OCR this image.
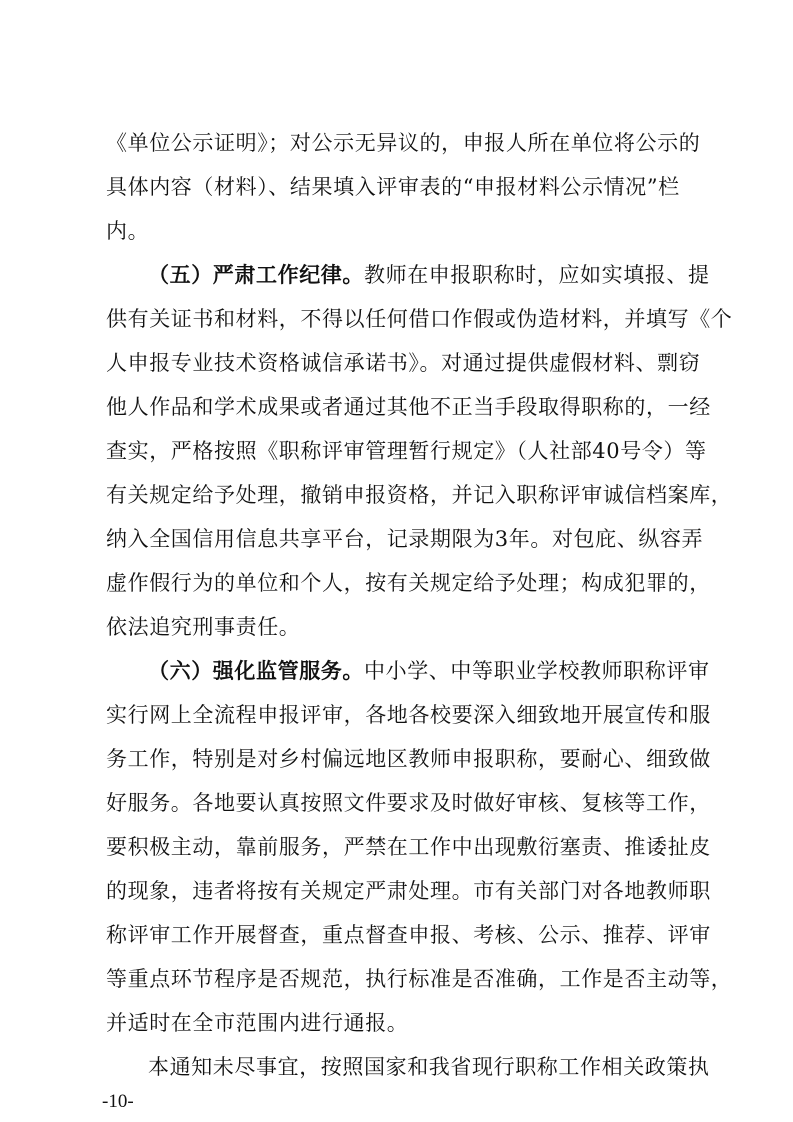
《单位公示证明》；对公示无异议的，申报人所在单位将公示的
具体内容（材料）、结果填入评审表的“申报材料公示情况”栏
内。
（五）严肃工作纪律。教师在申报职称时，应如实填报、提
供有关证书和材料，不得以任何借口作假或伪造材料，并填写《个
人申报专业技术资格诚信承诺书》。对通过提供虚假材料、剽窃
他人作品和学术成果或者通过其他不正当手段取得职称的，一经
查实，严格按照《职称评审管理暂行规定》（人社部40号令）等
有关规定给予处理，撤销申报资格，并记入职称评审诚信档案库，
纳入全国信用信息共享平台，记录期限为3年。对包庇、纵容弄
虚作假行为的单位和个人，按有关规定给予处理；构成犯罪的，
依法追究刑事责任。
（六）强化监管服务。中小学、中等职业学校教师职称评审
实行网上全流程申报评审，各地各校要深入细致地开展宣传和服
务工作，特别是对乡村偏远地区教师申报职称，要耐心、细致做
好服务。各地要认真按照文件要求及时做好审核、复核等工作，
要积极主动，靠前服务，严禁在工作中出现敷衍塞责、推诿扯皮
的现象，违者将按有关规定严肃处理。市有关部门对各地教师职
称评审工作开展督查，重点督查申报、考核、公示、推荐、评审
等重点环节程序是否规范，执行标准是否准确，工作是否主动等，
并适时在全市范围内进行通报。
本通知未尽事宜，按照国家和我省现行职称工作相关政策执
-10-
